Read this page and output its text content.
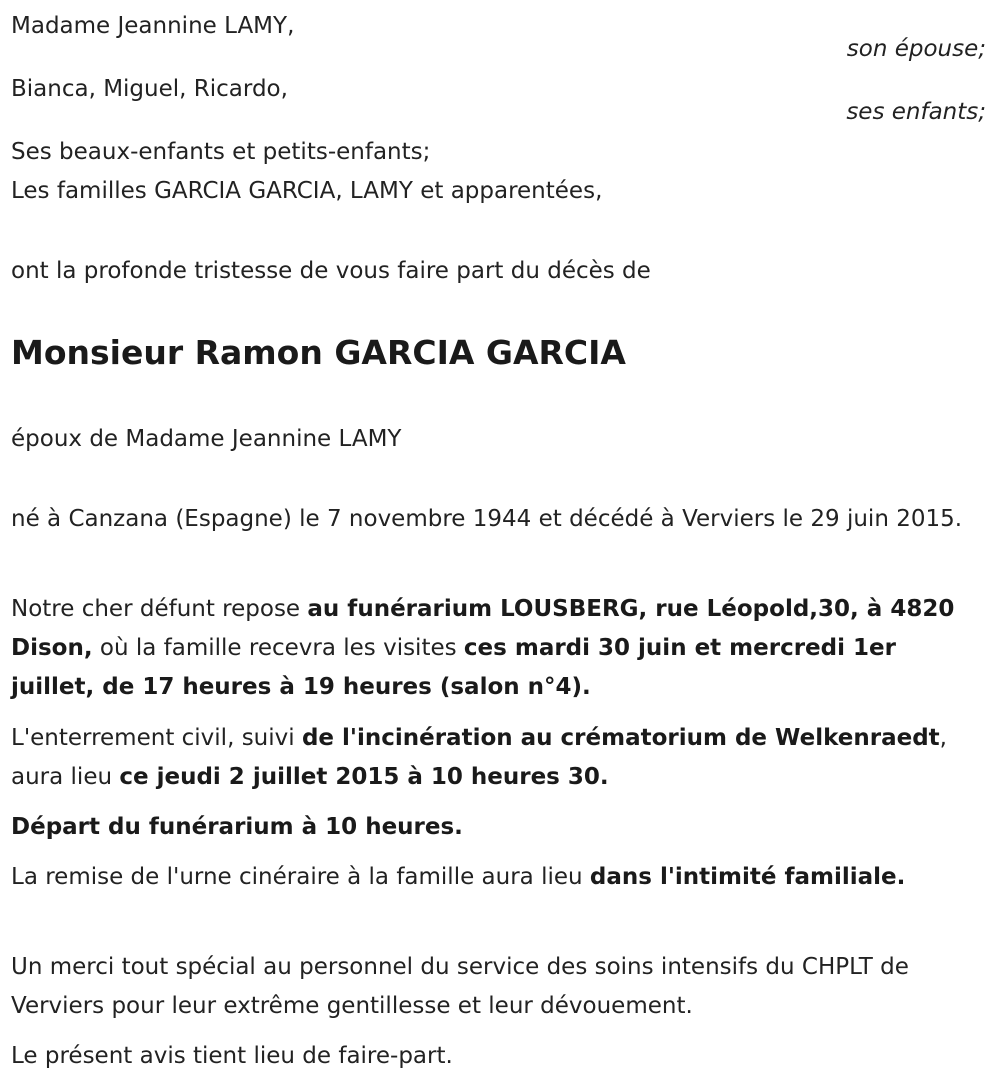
Madame Jeannine LAMY,
son épouse;
Bianca, Miguel, Ricardo,
ses enfants;
Ses beaux-enfants et petits-enfants;
Les familles GARCIA GARCIA, LAMY et apparentées,
ont la profonde tristesse de vous faire part du décès de
Monsieur Ramon GARCIA GARCIA
époux de Madame Jeannine LAMY
né à Canzana (Espagne) le 7 novembre 1944 et décédé à Verviers le 29 juin 2015.
Notre cher défunt repose au funérarium LOUSBERG, rue Léopold,30, à 4820 Dison, où la famille recevra les visites ces mardi 30 juin et mercredi 1er juillet, de 17 heures à 19 heures (salon n°4).
L'enterrement civil, suivi de l'incinération au crématorium de Welkenraedt, aura lieu ce jeudi 2 juillet 2015 à 10 heures 30.
Départ du funérarium à 10 heures.
La remise de l'urne cinéraire à la famille aura lieu dans l'intimité familiale.
Un merci tout spécial au personnel du service des soins intensifs du CHPLT de Verviers pour leur extrême gentillesse et leur dévouement.
Le présent avis tient lieu de faire-part.
